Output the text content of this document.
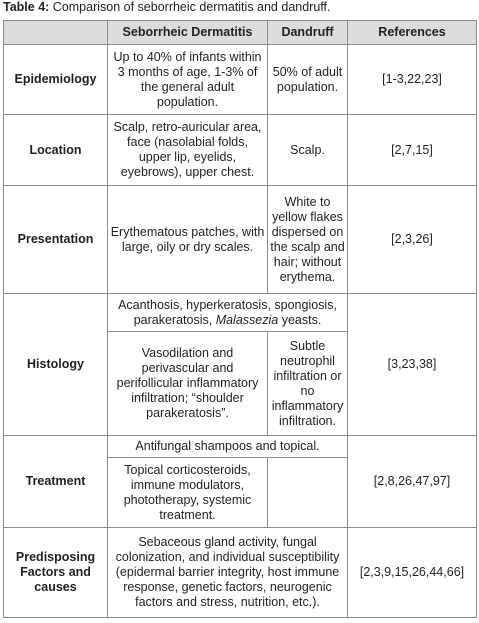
Table 4: Comparison of seborrheic dermatitis and dandruff.
	Seborrheic Dermatitis	Dandruff	References
Epidemiology	Up to 40% of infants within 3 months of age, 1-3% of the general adult population.	50% of adult population.	[1-3,22,23]
Location	Scalp, retro-auricular area, face (nasolabial folds, upper lip, eyelids, eyebrows), upper chest.	Scalp.	[2,7,15]
Presentation	Erythematous patches, with large, oily or dry scales.	White to yellow flakes dispersed on the scalp and hair; without erythema.	[2,3,26]
Histology	Acanthosis, hyperkeratosis, spongiosis, parakeratosis, Malassezia yeasts.		[3,23,38]
	Vasodilation and perivascular and perifollicular inflammatory infiltration; “shoulder parakeratosis”.	Subtle neutrophil infiltration or no inflammatory infiltration.	
Treatment	Antifungal shampoos and topical.		[2,8,26,47,97]
	Topical corticosteroids, immune modulators, phototherapy, systemic treatment.		
Predisposing Factors and causes	Sebaceous gland activity, fungal colonization, and individual susceptibility (epidermal barrier integrity, host immune response, genetic factors, neurogenic factors and stress, nutrition, etc.).		[2,3,9,15,26,44,66]
